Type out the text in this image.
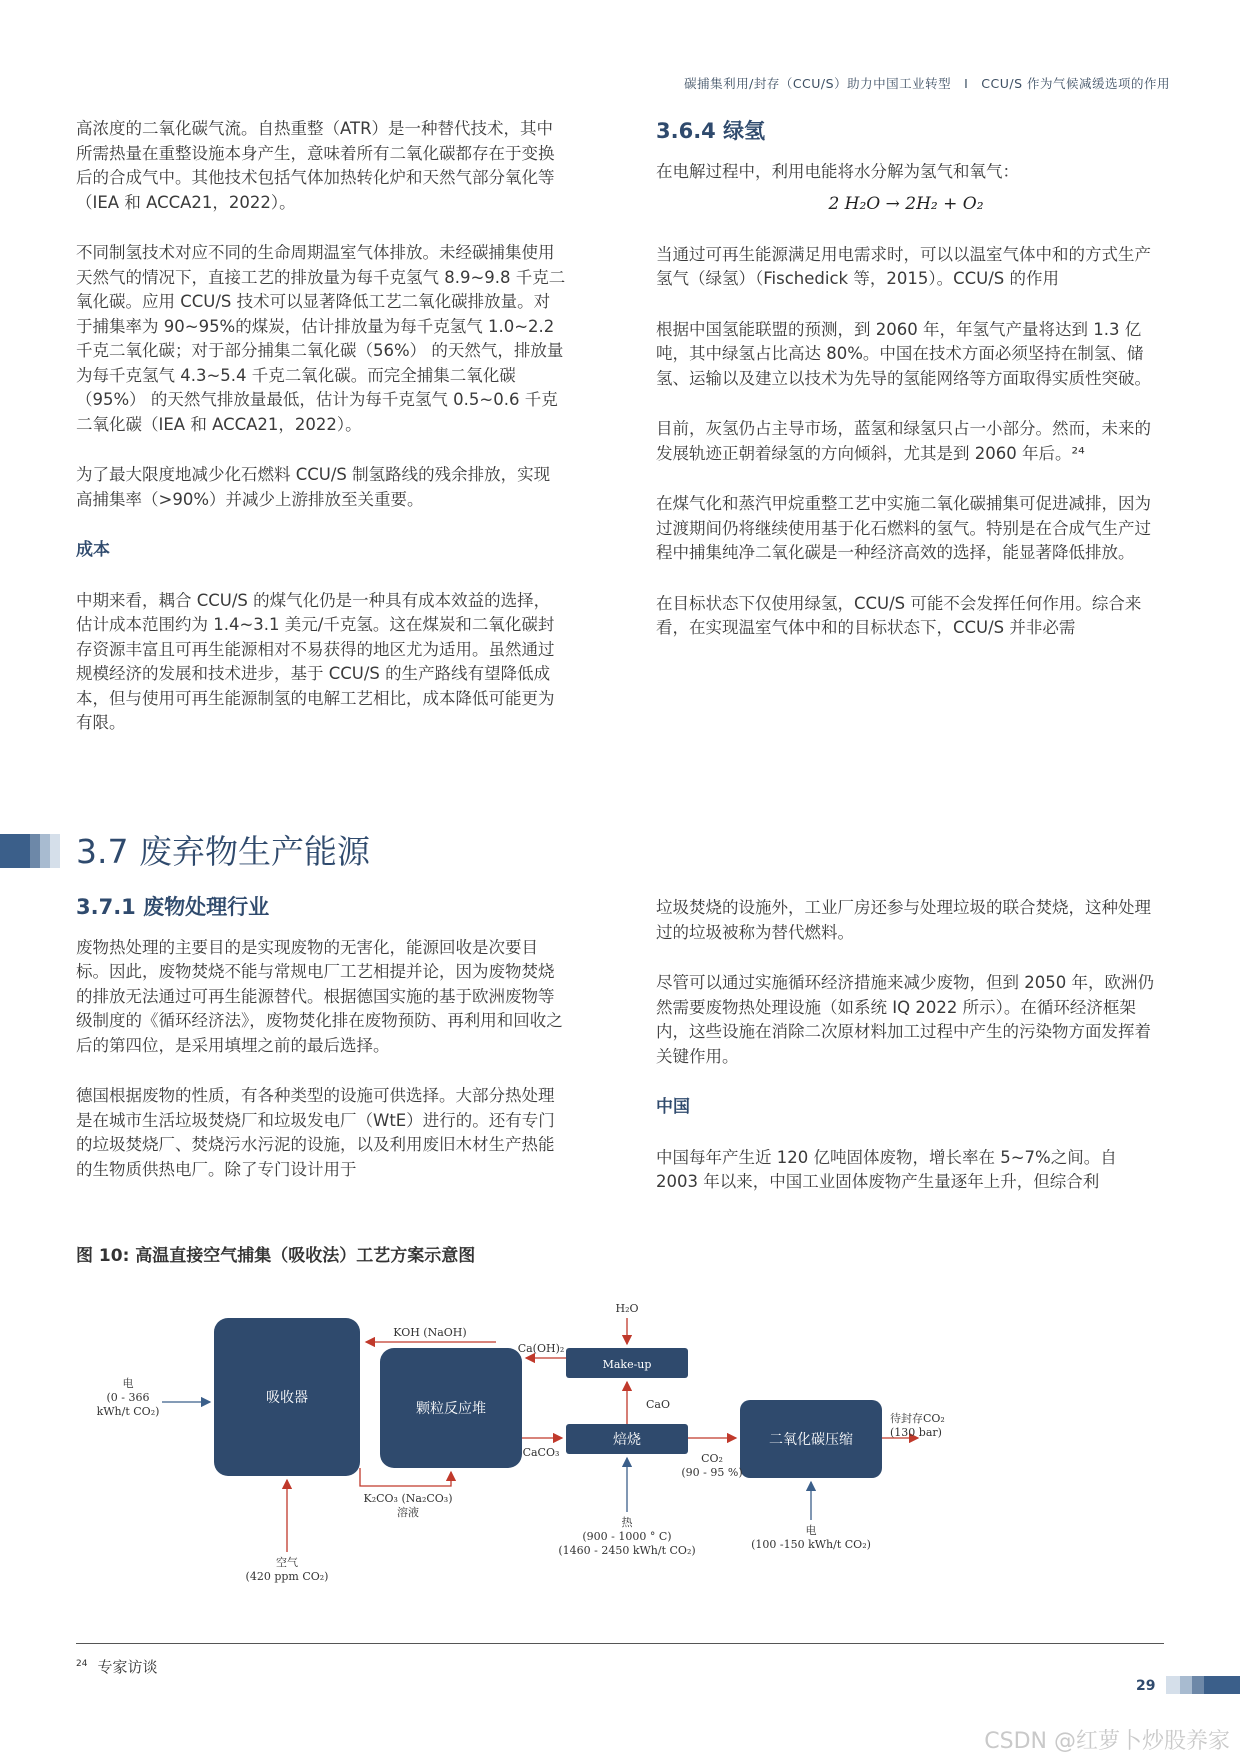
碳捕集利用/封存（CCU/S）助力中国工业转型　I　CCU/S 作为气候减缓选项的作用

高浓度的二氧化碳气流。自热重整（ATR）是一种替代技术，其中所需热量在重整设施本身产生，意味着所有二氧化碳都存在于变换后的合成气中。其他技术包括气体加热转化炉和天然气部分氧化等（IEA 和 ACCA21，2022）。

不同制氢技术对应不同的生命周期温室气体排放。未经碳捕集使用天然气的情况下，直接工艺的排放量为每千克氢气 8.9~9.8 千克二氧化碳。应用 CCU/S 技术可以显著降低工艺二氧化碳排放量。对于捕集率为 90~95%的煤炭，估计排放量为每千克氢气 1.0~2.2 千克二氧化碳；对于部分捕集二氧化碳（56%） 的天然气，排放量为每千克氢气 4.3~5.4 千克二氧化碳。而完全捕集二氧化碳（95%） 的天然气排放量最低，估计为每千克氢气 0.5~0.6 千克二氧化碳（IEA 和 ACCA21，2022）。

为了最大限度地减少化石燃料 CCU/S 制氢路线的残余排放，实现高捕集率（>90%）并减少上游排放至关重要。

成本

中期来看，耦合 CCU/S 的煤气化仍是一种具有成本效益的选择，估计成本范围约为 1.4~3.1 美元/千克氢。这在煤炭和二氧化碳封存资源丰富且可再生能源相对不易获得的地区尤为适用。虽然通过规模经济的发展和技术进步，基于 CCU/S 的生产路线有望降低成本，但与使用可再生能源制氢的电解工艺相比，成本降低可能更为有限。

3.6.4 绿氢

在电解过程中，利用电能将水分解为氢气和氧气：

2 H₂O → 2H₂ + O₂

当通过可再生能源满足用电需求时，可以以温室气体中和的方式生产氢气（绿氢）（Fischedick 等，2015）。CCU/S 的作用

根据中国氢能联盟的预测，到 2060 年，年氢气产量将达到 1.3 亿吨，其中绿氢占比高达 80%。中国在技术方面必须坚持在制氢、储氢、运输以及建立以技术为先导的氢能网络等方面取得实质性突破。

目前，灰氢仍占主导市场，蓝氢和绿氢只占一小部分。然而，未来的发展轨迹正朝着绿氢的方向倾斜，尤其是到 2060 年后。²⁴

在煤气化和蒸汽甲烷重整工艺中实施二氧化碳捕集可促进减排，因为过渡期间仍将继续使用基于化石燃料的氢气。特别是在合成气生产过程中捕集纯净二氧化碳是一种经济高效的选择，能显著降低排放。

在目标状态下仅使用绿氢，CCU/S 可能不会发挥任何作用。综合来看，在实现温室气体中和的目标状态下，CCU/S 并非必需

3.7 废弃物生产能源
3.7.1 废物处理行业

废物热处理的主要目的是实现废物的无害化，能源回收是次要目标。因此，废物焚烧不能与常规电厂工艺相提并论，因为废物焚烧的排放无法通过可再生能源替代。根据德国实施的基于欧洲废物等级制度的《循环经济法》，废物焚化排在废物预防、再利用和回收之后的第四位，是采用填埋之前的最后选择。

德国根据废物的性质，有各种类型的设施可供选择。大部分热处理是在城市生活垃圾焚烧厂和垃圾发电厂（WtE）进行的。还有专门的垃圾焚烧厂、焚烧污水污泥的设施，以及利用废旧木材生产热能的生物质供热电厂。除了专门设计用于

垃圾焚烧的设施外，工业厂房还参与处理垃圾的联合焚烧，这种处理过的垃圾被称为替代燃料。

尽管可以通过实施循环经济措施来减少废物，但到 2050 年，欧洲仍然需要废物热处理设施（如系统 IQ 2022 所示）。在循环经济框架内，这些设施在消除二次原材料加工过程中产生的污染物方面发挥着关键作用。

中国

中国每年产生近 120 亿吨固体废物，增长率在 5~7%之间。自 2003 年以来，中国工业固体废物产生量逐年上升，但综合利

图 10: 高温直接空气捕集（吸收法）工艺方案示意图
吸收器
颗粒反应堆
Make-up
焙烧	二氧化碳压缩
电
(0 - 366
kWh/t CO₂)
KOH (NaOH)
Ca(OH)₂
H₂O
CaO
CaCO₃
K₂CO₃ (Na₂CO₃)
溶液
空气
(420 ppm CO₂)
热
(900 - 1000 ° C)
(1460 - 2450 kWh/t CO₂)
CO₂
(90 - 95 %)
电
(100 -150 kWh/t CO₂)
待封存CO₂
(130 bar)
$^{24}$ 专家访谈
29
CSDN @红萝卜炒股养家
